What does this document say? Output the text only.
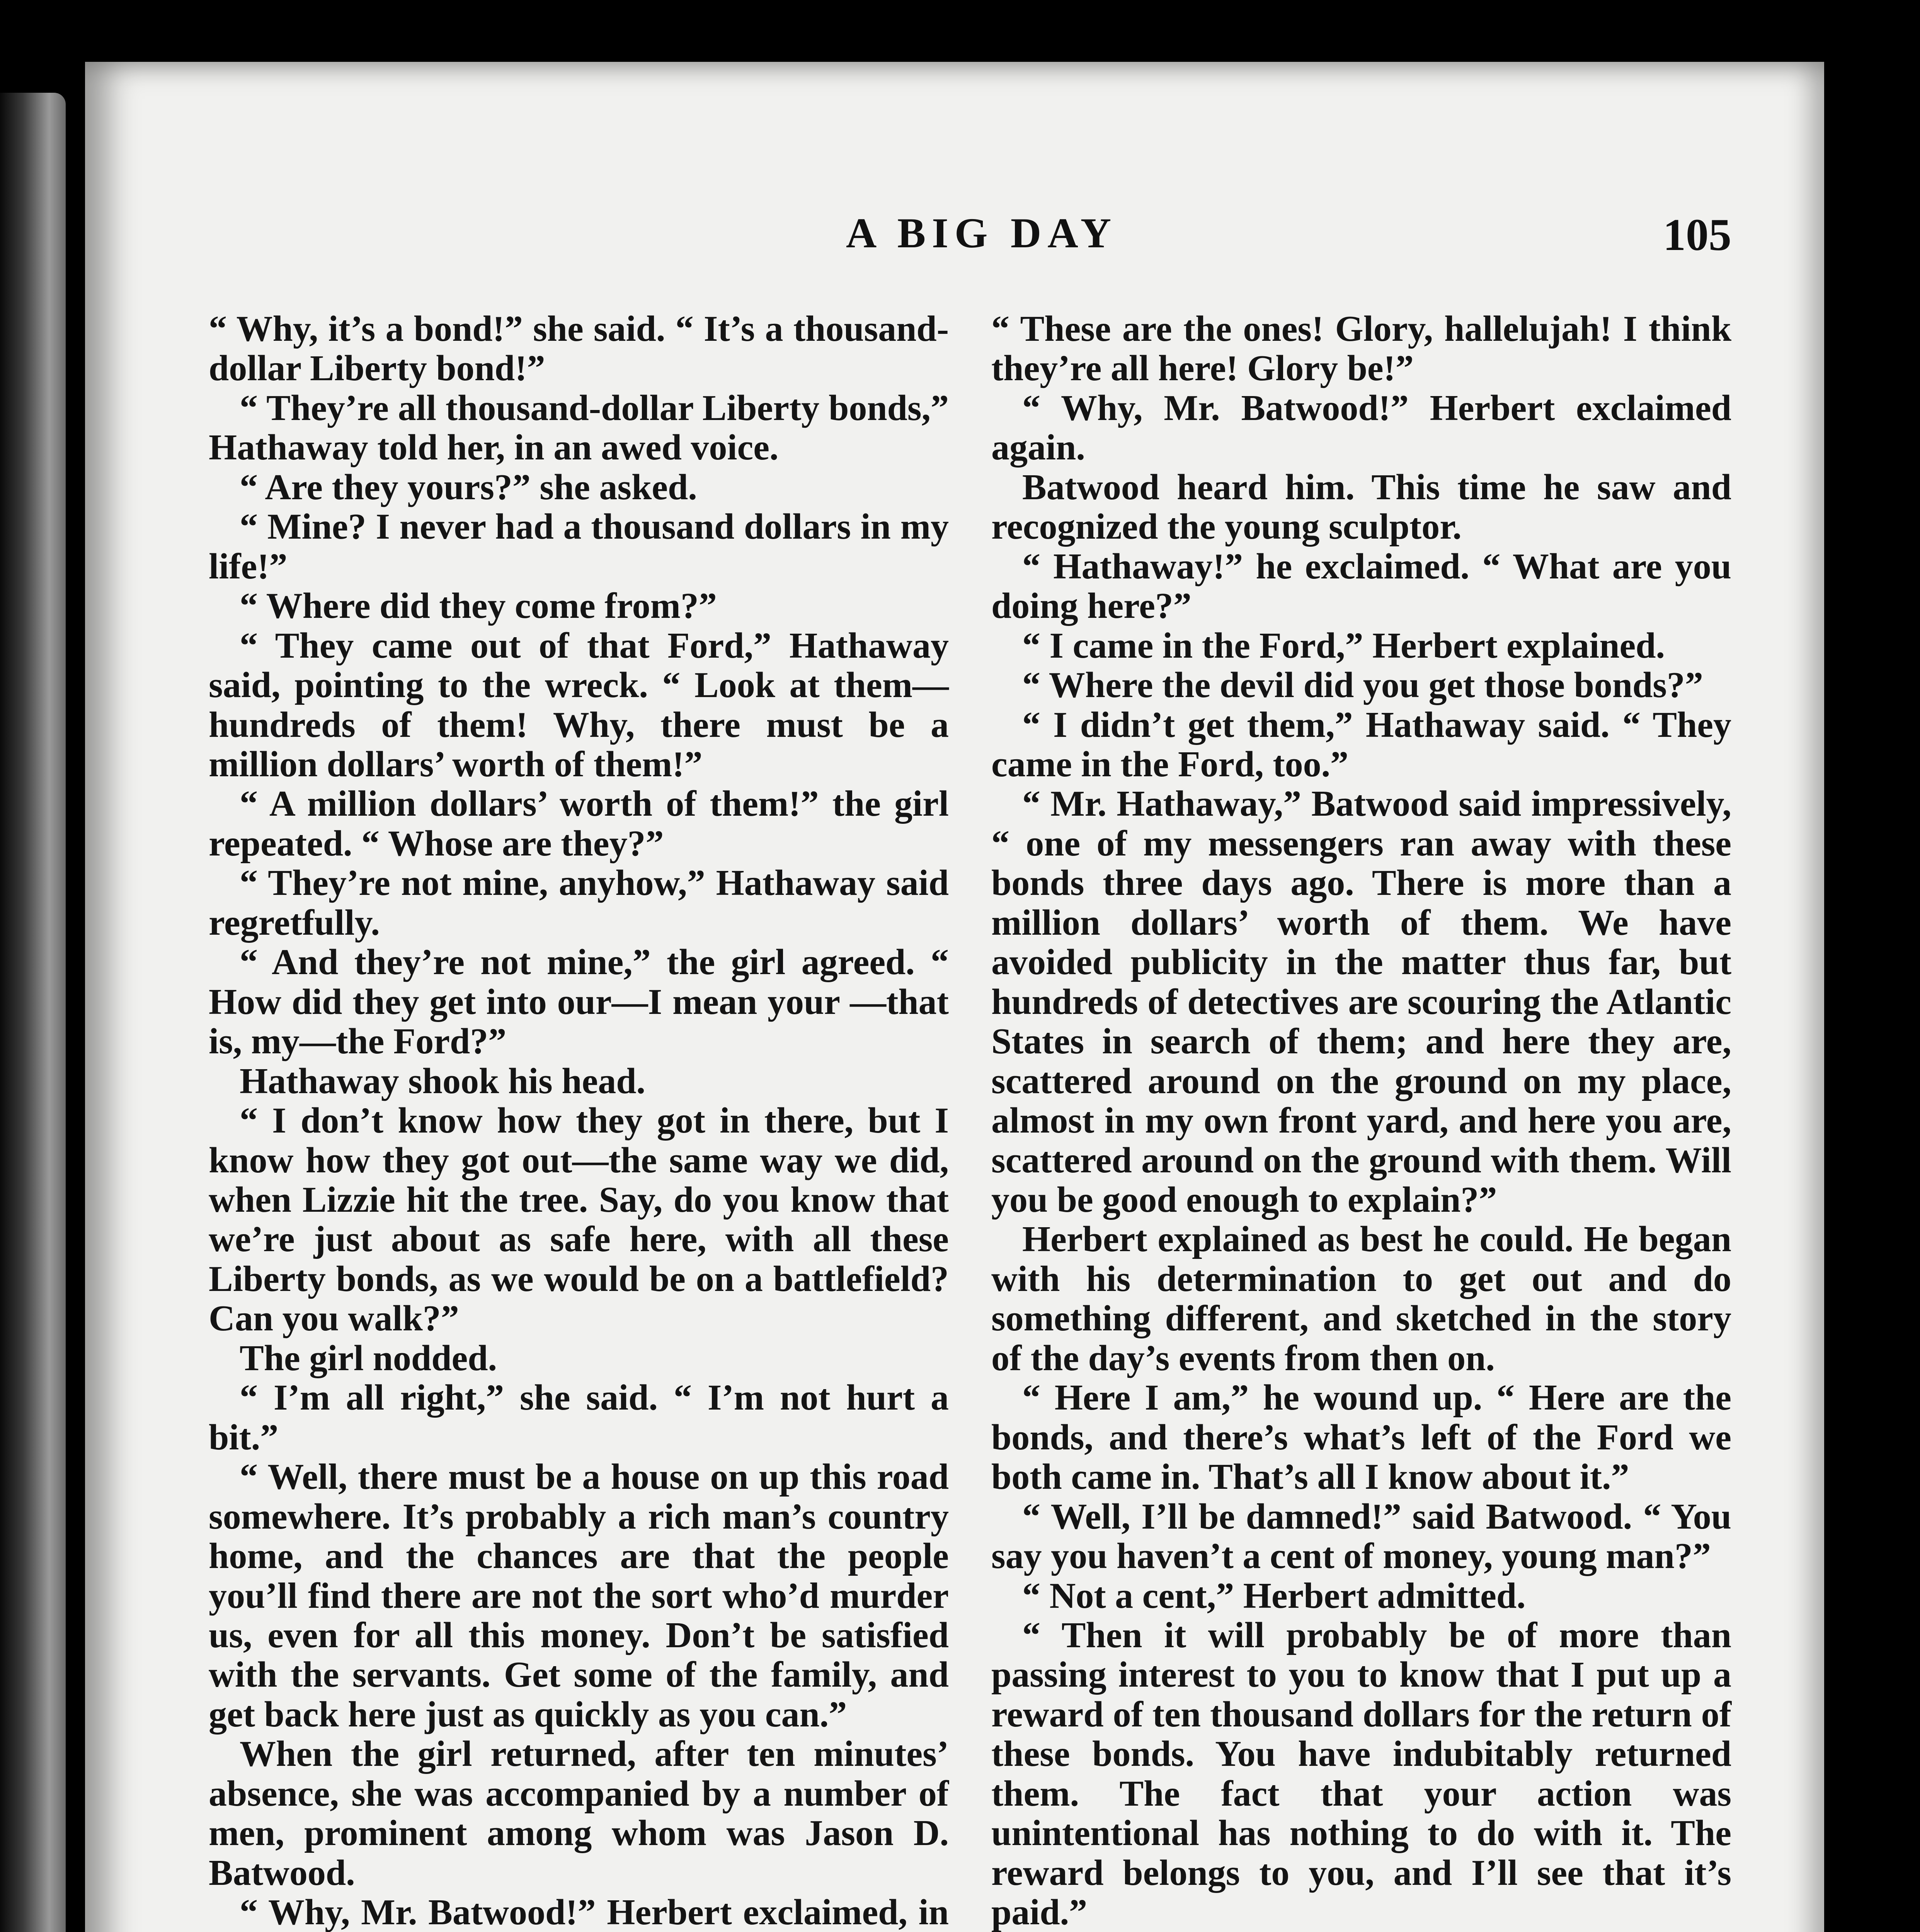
A BIG DAY	105

“ Why, it’s a bond!” she said. “ It’s a thousand-dollar Liberty bond!”

“ They’re all thousand-dollar Liberty bonds,” Hathaway told her, in an awed voice.

“ Are they yours?” she asked.

“ Mine? I never had a thousand dollars in my life!”

“ Where did they come from?”

“ They came out of that Ford,” Hathaway said, pointing to the wreck. “ Look at them—hundreds of them! Why, there must be a million dollars’ worth of them!”

“ A million dollars’ worth of them!” the girl repeated. “ Whose are they?”

“ They’re not mine, anyhow,” Hathaway said regretfully.

“ And they’re not mine,” the girl agreed. “ How did they get into our—I mean your —that is, my—the Ford?”

Hathaway shook his head.

“ I don’t know how they got in there, but I know how they got out—the same way we did, when Lizzie hit the tree. Say, do you know that we’re just about as safe here, with all these Liberty bonds, as we would be on a battlefield? Can you walk?”

The girl nodded.

“ I’m all right,” she said. “ I’m not hurt a bit.”

“ Well, there must be a house on up this road somewhere. It’s probably a rich man’s country home, and the chances are that the people you’ll find there are not the sort who’d murder us, even for all this money. Don’t be satisfied with the servants. Get some of the family, and get back here just as quickly as you can.”

When the girl returned, after ten minutes’ absence, she was accompanied by a number of men, prominent among whom was Jason D. Batwood.

“ Why, Mr. Batwood!” Herbert exclaimed, in

“ These are the ones! Glory, hallelujah! I think they’re all here! Glory be!”

“ Why, Mr. Batwood!” Herbert exclaimed again.

Batwood heard him. This time he saw and recognized the young sculptor.

“ Hathaway!” he exclaimed. “ What are you doing here?”

“ I came in the Ford,” Herbert explained.

“ Where the devil did you get those bonds?”

“ I didn’t get them,” Hathaway said. “ They came in the Ford, too.”

“ Mr. Hathaway,” Batwood said impressively, “ one of my messengers ran away with these bonds three days ago. There is more than a million dollars’ worth of them. We have avoided publicity in the matter thus far, but hundreds of detectives are scouring the Atlantic States in search of them; and here they are, scattered around on the ground on my place, almost in my own front yard, and here you are, scattered around on the ground with them. Will you be good enough to explain?”

Herbert explained as best he could. He began with his determination to get out and do something different, and sketched in the story of the day’s events from then on.

“ Here I am,” he wound up. “ Here are the bonds, and there’s what’s left of the Ford we both came in. That’s all I know about it.”

“ Well, I’ll be damned!” said Batwood. “ You say you haven’t a cent of money, young man?”

“ Not a cent,” Herbert admitted.

“ Then it will probably be of more than passing interest to you to know that I put up a reward of ten thousand dollars for the return of these bonds. You have indubitably returned them. The fact that your action was unintentional has nothing to do with it. The reward belongs to you, and I’ll see that it’s paid.”
